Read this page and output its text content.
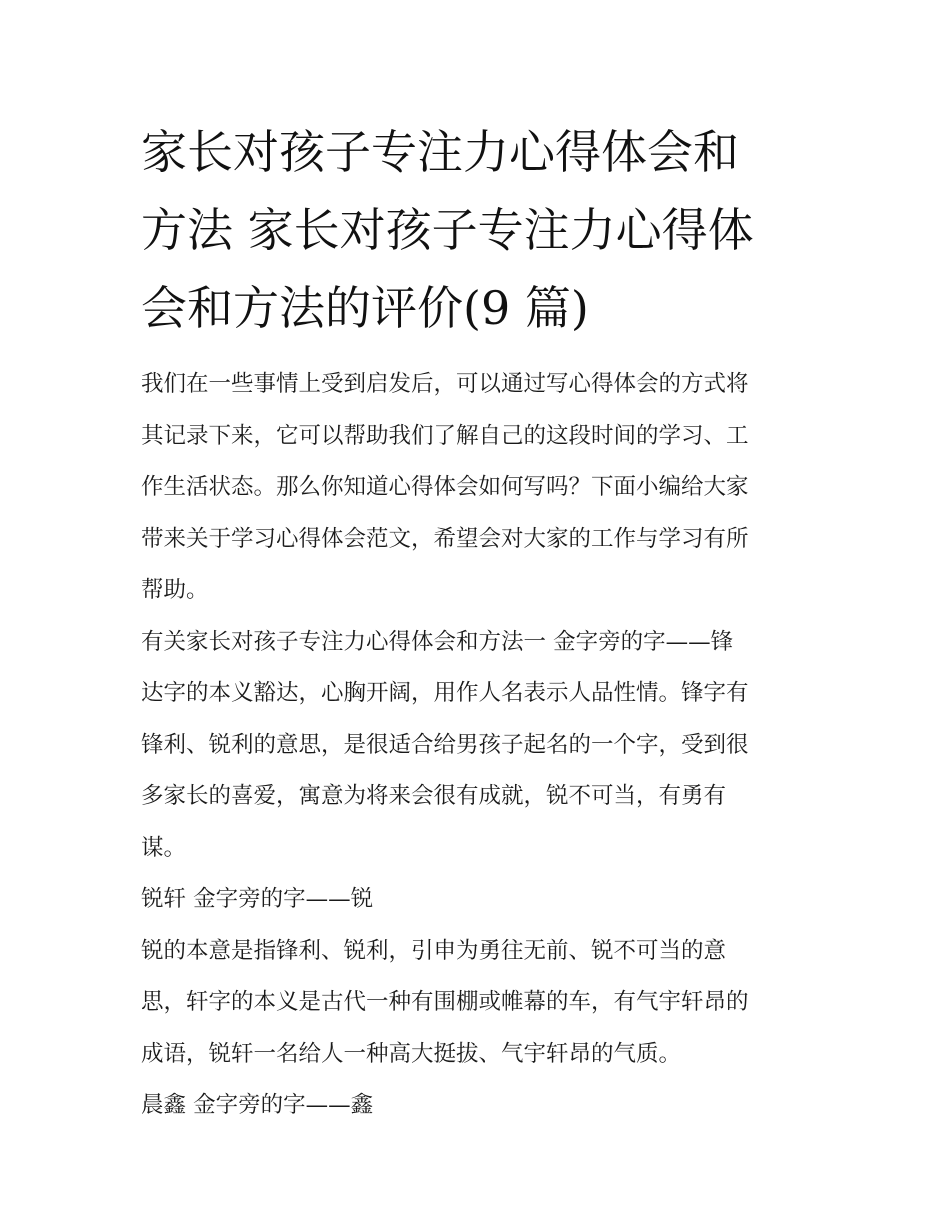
家长对孩子专注力心得体会和
方法 家长对孩子专注力心得体
会和方法的评价(9 篇)

我们在一些事情上受到启发后，可以通过写心得体会的方式将
其记录下来，它可以帮助我们了解自己的这段时间的学习、工
作生活状态。那么你知道心得体会如何写吗？下面小编给大家
带来关于学习心得体会范文，希望会对大家的工作与学习有所
帮助。

有关家长对孩子专注力心得体会和方法一 金字旁的字——锋
达字的本义豁达，心胸开阔，用作人名表示人品性情。锋字有
锋利、锐利的意思，是很适合给男孩子起名的一个字，受到很
多家长的喜爱，寓意为将来会很有成就，锐不可当，有勇有
谋。

锐轩 金字旁的字——锐

锐的本意是指锋利、锐利，引申为勇往无前、锐不可当的意
思，轩字的本义是古代一种有围棚或帷幕的车，有气宇轩昂的
成语，锐轩一名给人一种高大挺拔、气宇轩昂的气质。

晨鑫 金字旁的字——鑫
